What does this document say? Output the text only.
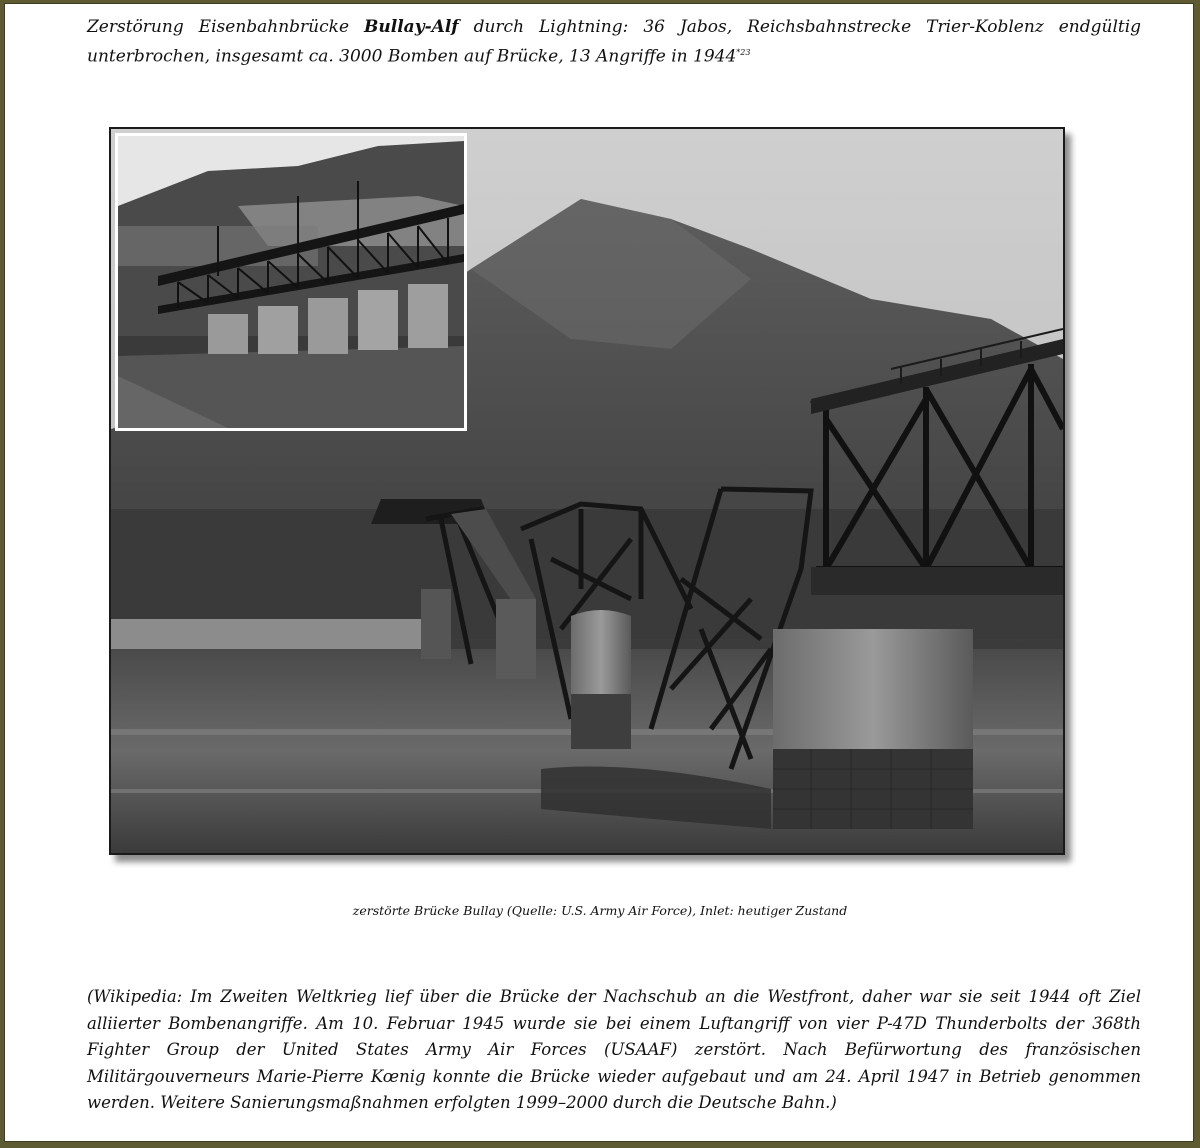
Zerstörung Eisenbahnbrücke Bullay-Alf durch Lightning: 36 Jabos, Reichsbahnstrecke Trier-Koblenz endgültig unterbrochen, insgesamt ca. 3000 Bomben auf Brücke, 13 Angriffe in 1944$^{*23}$

zerstörte Brücke Bullay (Quelle: U.S. Army Air Force), Inlet: heutiger Zustand

(Wikipedia: Im Zweiten Weltkrieg lief über die Brücke der Nachschub an die Westfront, daher war sie seit 1944 oft Ziel alliierter Bombenangriffe. Am 10. Februar 1945 wurde sie bei einem Luftangriff von vier P-47D Thunderbolts der 368th Fighter Group der United States Army Air Forces (USAAF) zerstört. Nach Befürwortung des französischen Militärgouverneurs Marie-Pierre Kœnig konnte die Brücke wieder aufgebaut und am 24. April 1947 in Betrieb genommen werden. Weitere Sanierungsmaßnahmen erfolgten 1999–2000 durch die Deutsche Bahn.)
